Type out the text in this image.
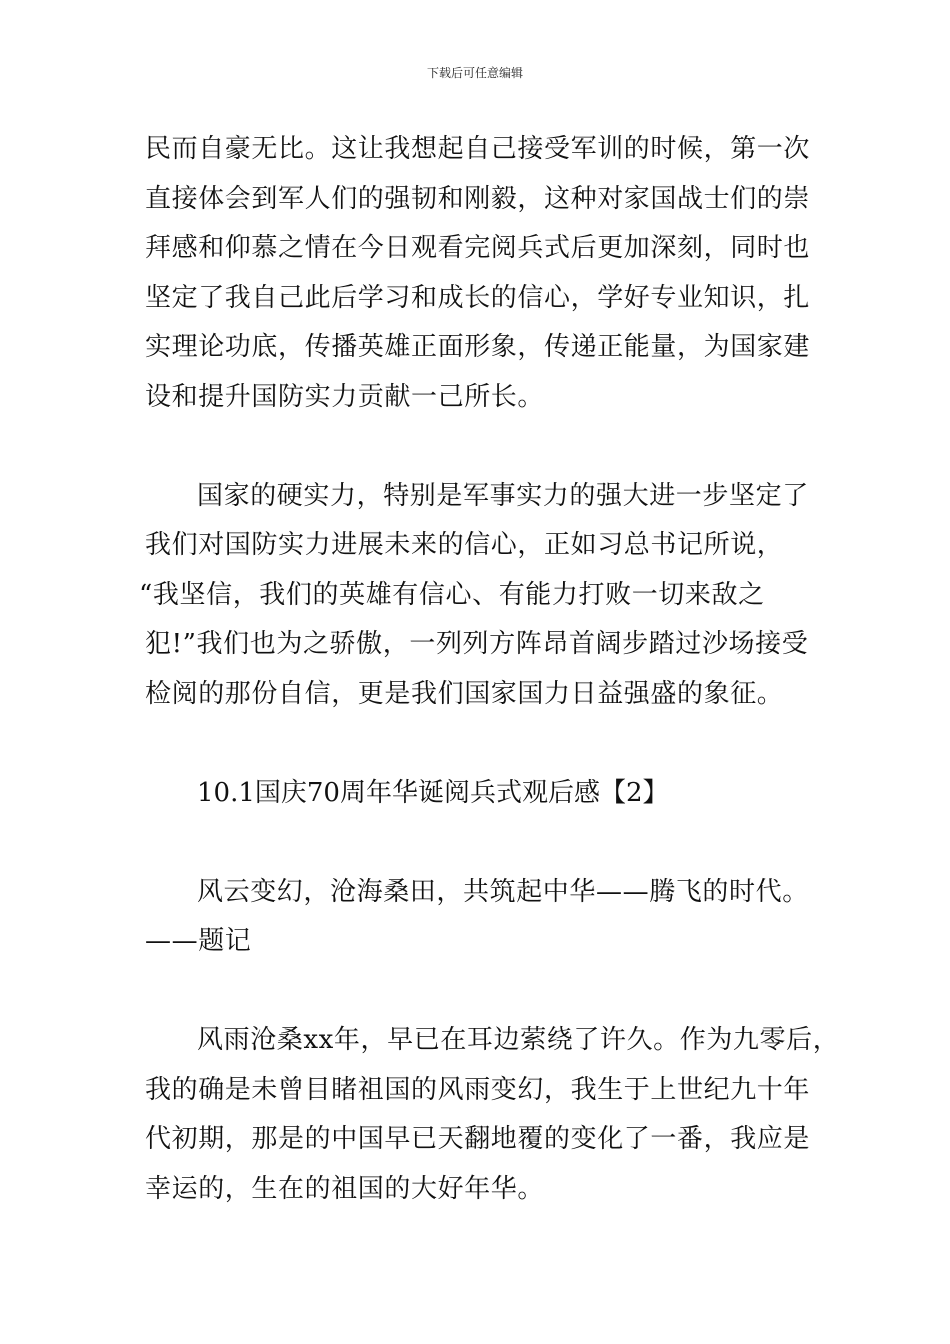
下载后可任意编辑
民而自豪无比。这让我想起自己接受军训的时候，第一次
直接体会到军人们的强韧和刚毅，这种对家国战士们的崇
拜感和仰慕之情在今日观看完阅兵式后更加深刻，同时也
坚定了我自己此后学习和成长的信心，学好专业知识，扎
实理论功底，传播英雄正面形象，传递正能量，为国家建
设和提升国防实力贡献一己所长。
国家的硬实力，特别是军事实力的强大进一步坚定了
我们对国防实力进展未来的信心，正如习总书记所说，
“我坚信，我们的英雄有信心、有能力打败一切来敌之
犯!”我们也为之骄傲，一列列方阵昂首阔步踏过沙场接受
检阅的那份自信，更是我们国家国力日益强盛的象征。
10.1国庆70周年华诞阅兵式观后感【2】
风云变幻，沧海桑田，共筑起中华——腾飞的时代。
——题记
风雨沧桑xx年，早已在耳边萦绕了许久。作为九零后，
我的确是未曾目睹祖国的风雨变幻，我生于上世纪九十年
代初期，那是的中国早已天翻地覆的变化了一番，我应是
幸运的，生在的祖国的大好年华。
